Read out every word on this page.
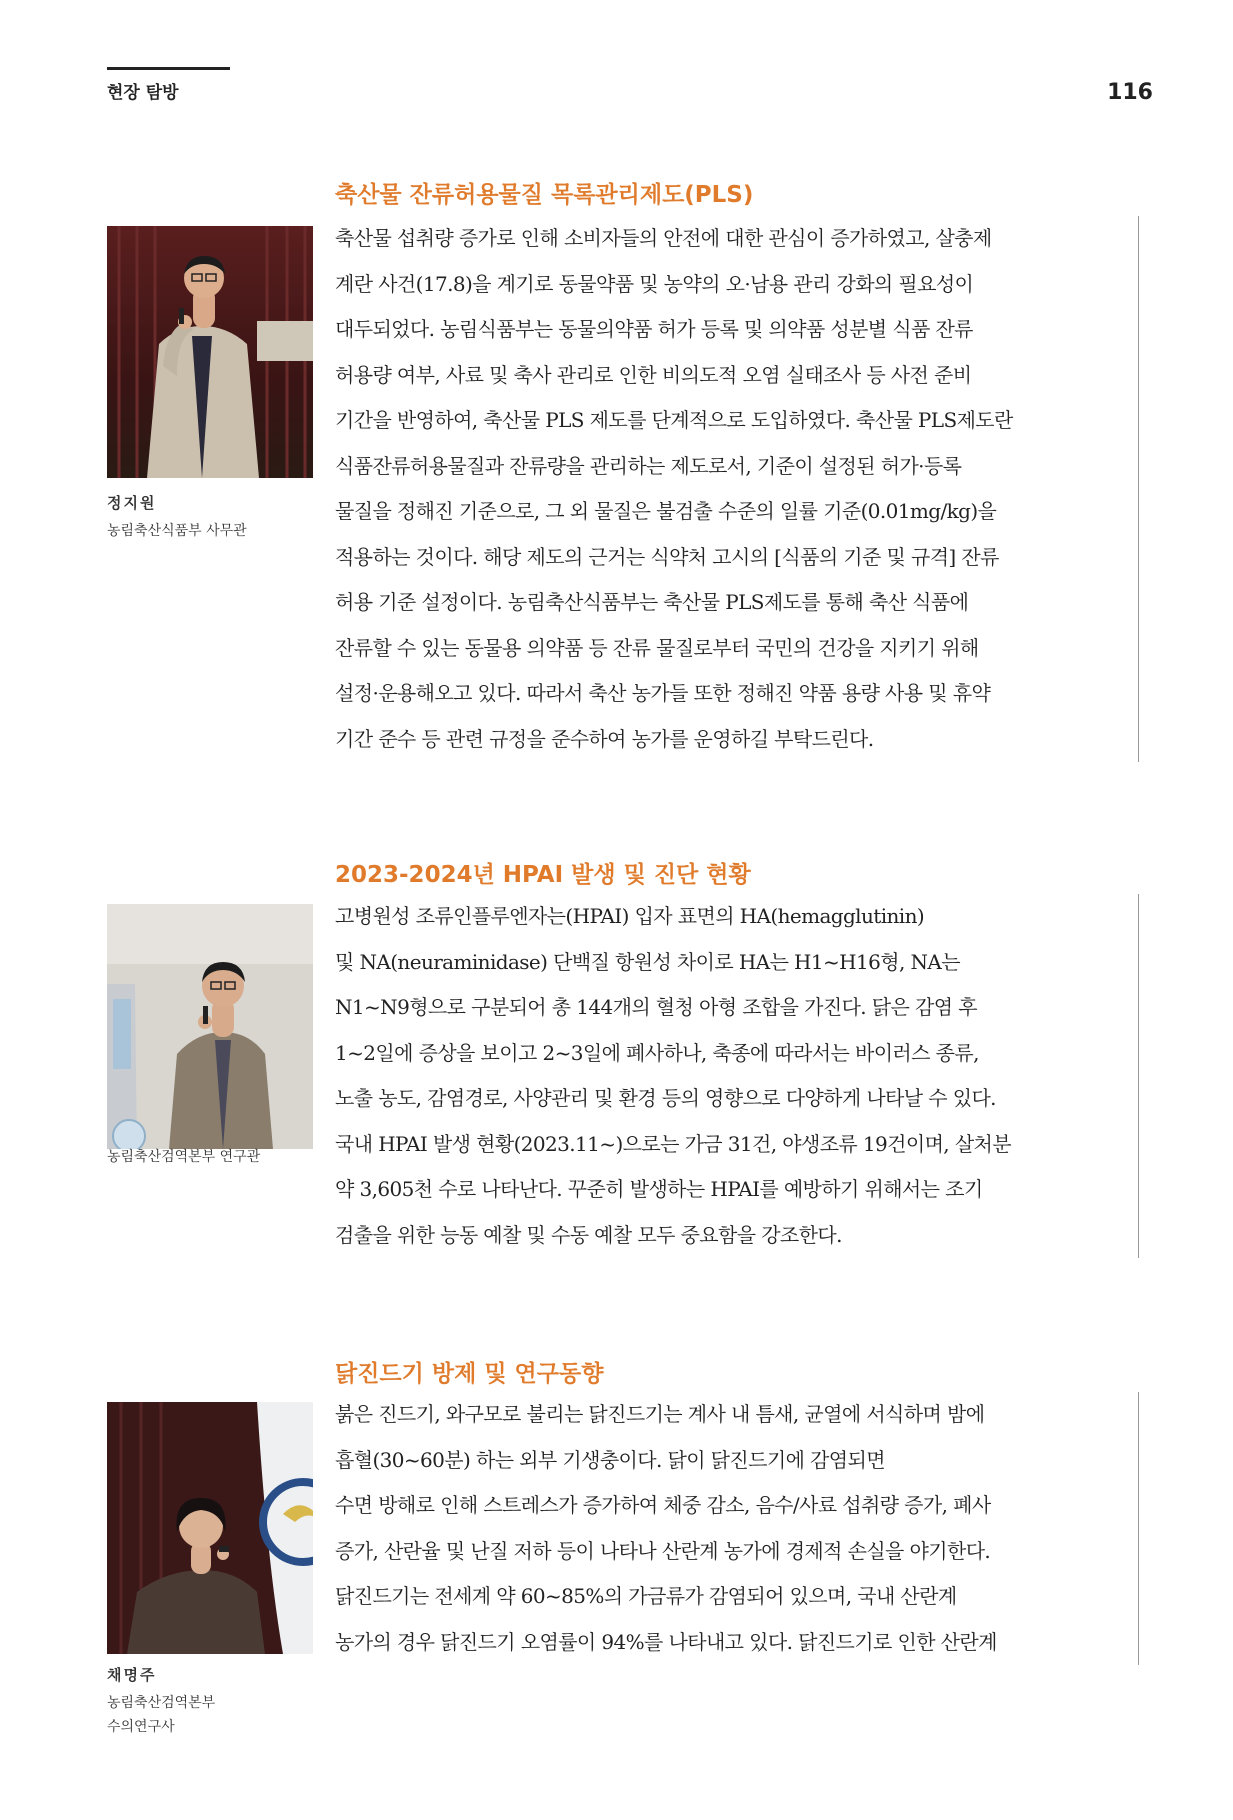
현장 탐방	116
축산물 잔류허용물질 목록관리제도(PLS)
정지원
농림축산식품부 사무관
축산물 섭취량 증가로 인해 소비자들의 안전에 대한 관심이 증가하였고, 살충제
계란 사건(17.8)을 계기로 동물약품 및 농약의 오·남용 관리 강화의 필요성이
대두되었다. 농림식품부는 동물의약품 허가 등록 및 의약품 성분별 식품 잔류
허용량 여부, 사료 및 축사 관리로 인한 비의도적 오염 실태조사 등 사전 준비
기간을 반영하여, 축산물 PLS 제도를 단계적으로 도입하였다. 축산물 PLS제도란
식품잔류허용물질과 잔류량을 관리하는 제도로서, 기준이 설정된 허가·등록
물질을 정해진 기준으로, 그 외 물질은 불검출 수준의 일률 기준(0.01mg/kg)을
적용하는 것이다. 해당 제도의 근거는 식약처 고시의 [식품의 기준 및 규격] 잔류
허용 기준 설정이다. 농림축산식품부는 축산물 PLS제도를 통해 축산 식품에
잔류할 수 있는 동물용 의약품 등 잔류 물질로부터 국민의 건강을 지키기 위해
설정·운용해오고 있다. 따라서 축산 농가들 또한 정해진 약품 용량 사용 및 휴약
기간 준수 등 관련 규정을 준수하여 농가를 운영하길 부탁드린다.
2023-2024년 HPAI 발생 및 진단 현황
농림축산검역본부 연구관
고병원성 조류인플루엔자는(HPAI) 입자 표면의 HA(hemagglutinin)
및 NA(neuraminidase) 단백질 항원성 차이로 HA는 H1~H16형, NA는
N1~N9형으로 구분되어 총 144개의 혈청 아형 조합을 가진다. 닭은 감염 후
1~2일에 증상을 보이고 2~3일에 폐사하나, 축종에 따라서는 바이러스 종류,
노출 농도, 감염경로, 사양관리 및 환경 등의 영향으로 다양하게 나타날 수 있다.
국내 HPAI 발생 현황(2023.11~)으로는 가금 31건, 야생조류 19건이며, 살처분
약 3,605천 수로 나타난다. 꾸준히 발생하는 HPAI를 예방하기 위해서는 조기
검출을 위한 능동 예찰 및 수동 예찰 모두 중요함을 강조한다.
닭진드기 방제 및 연구동향
채명주
농림축산검역본부
수의연구사
붉은 진드기, 와구모로 불리는 닭진드기는 계사 내 틈새, 균열에 서식하며 밤에
흡혈(30~60분) 하는 외부 기생충이다. 닭이 닭진드기에 감염되면
수면 방해로 인해 스트레스가 증가하여 체중 감소, 음수/사료 섭취량 증가, 폐사
증가, 산란율 및 난질 저하 등이 나타나 산란계 농가에 경제적 손실을 야기한다.
닭진드기는 전세계 약 60~85%의 가금류가 감염되어 있으며, 국내 산란계
농가의 경우 닭진드기 오염률이 94%를 나타내고 있다. 닭진드기로 인한 산란계
